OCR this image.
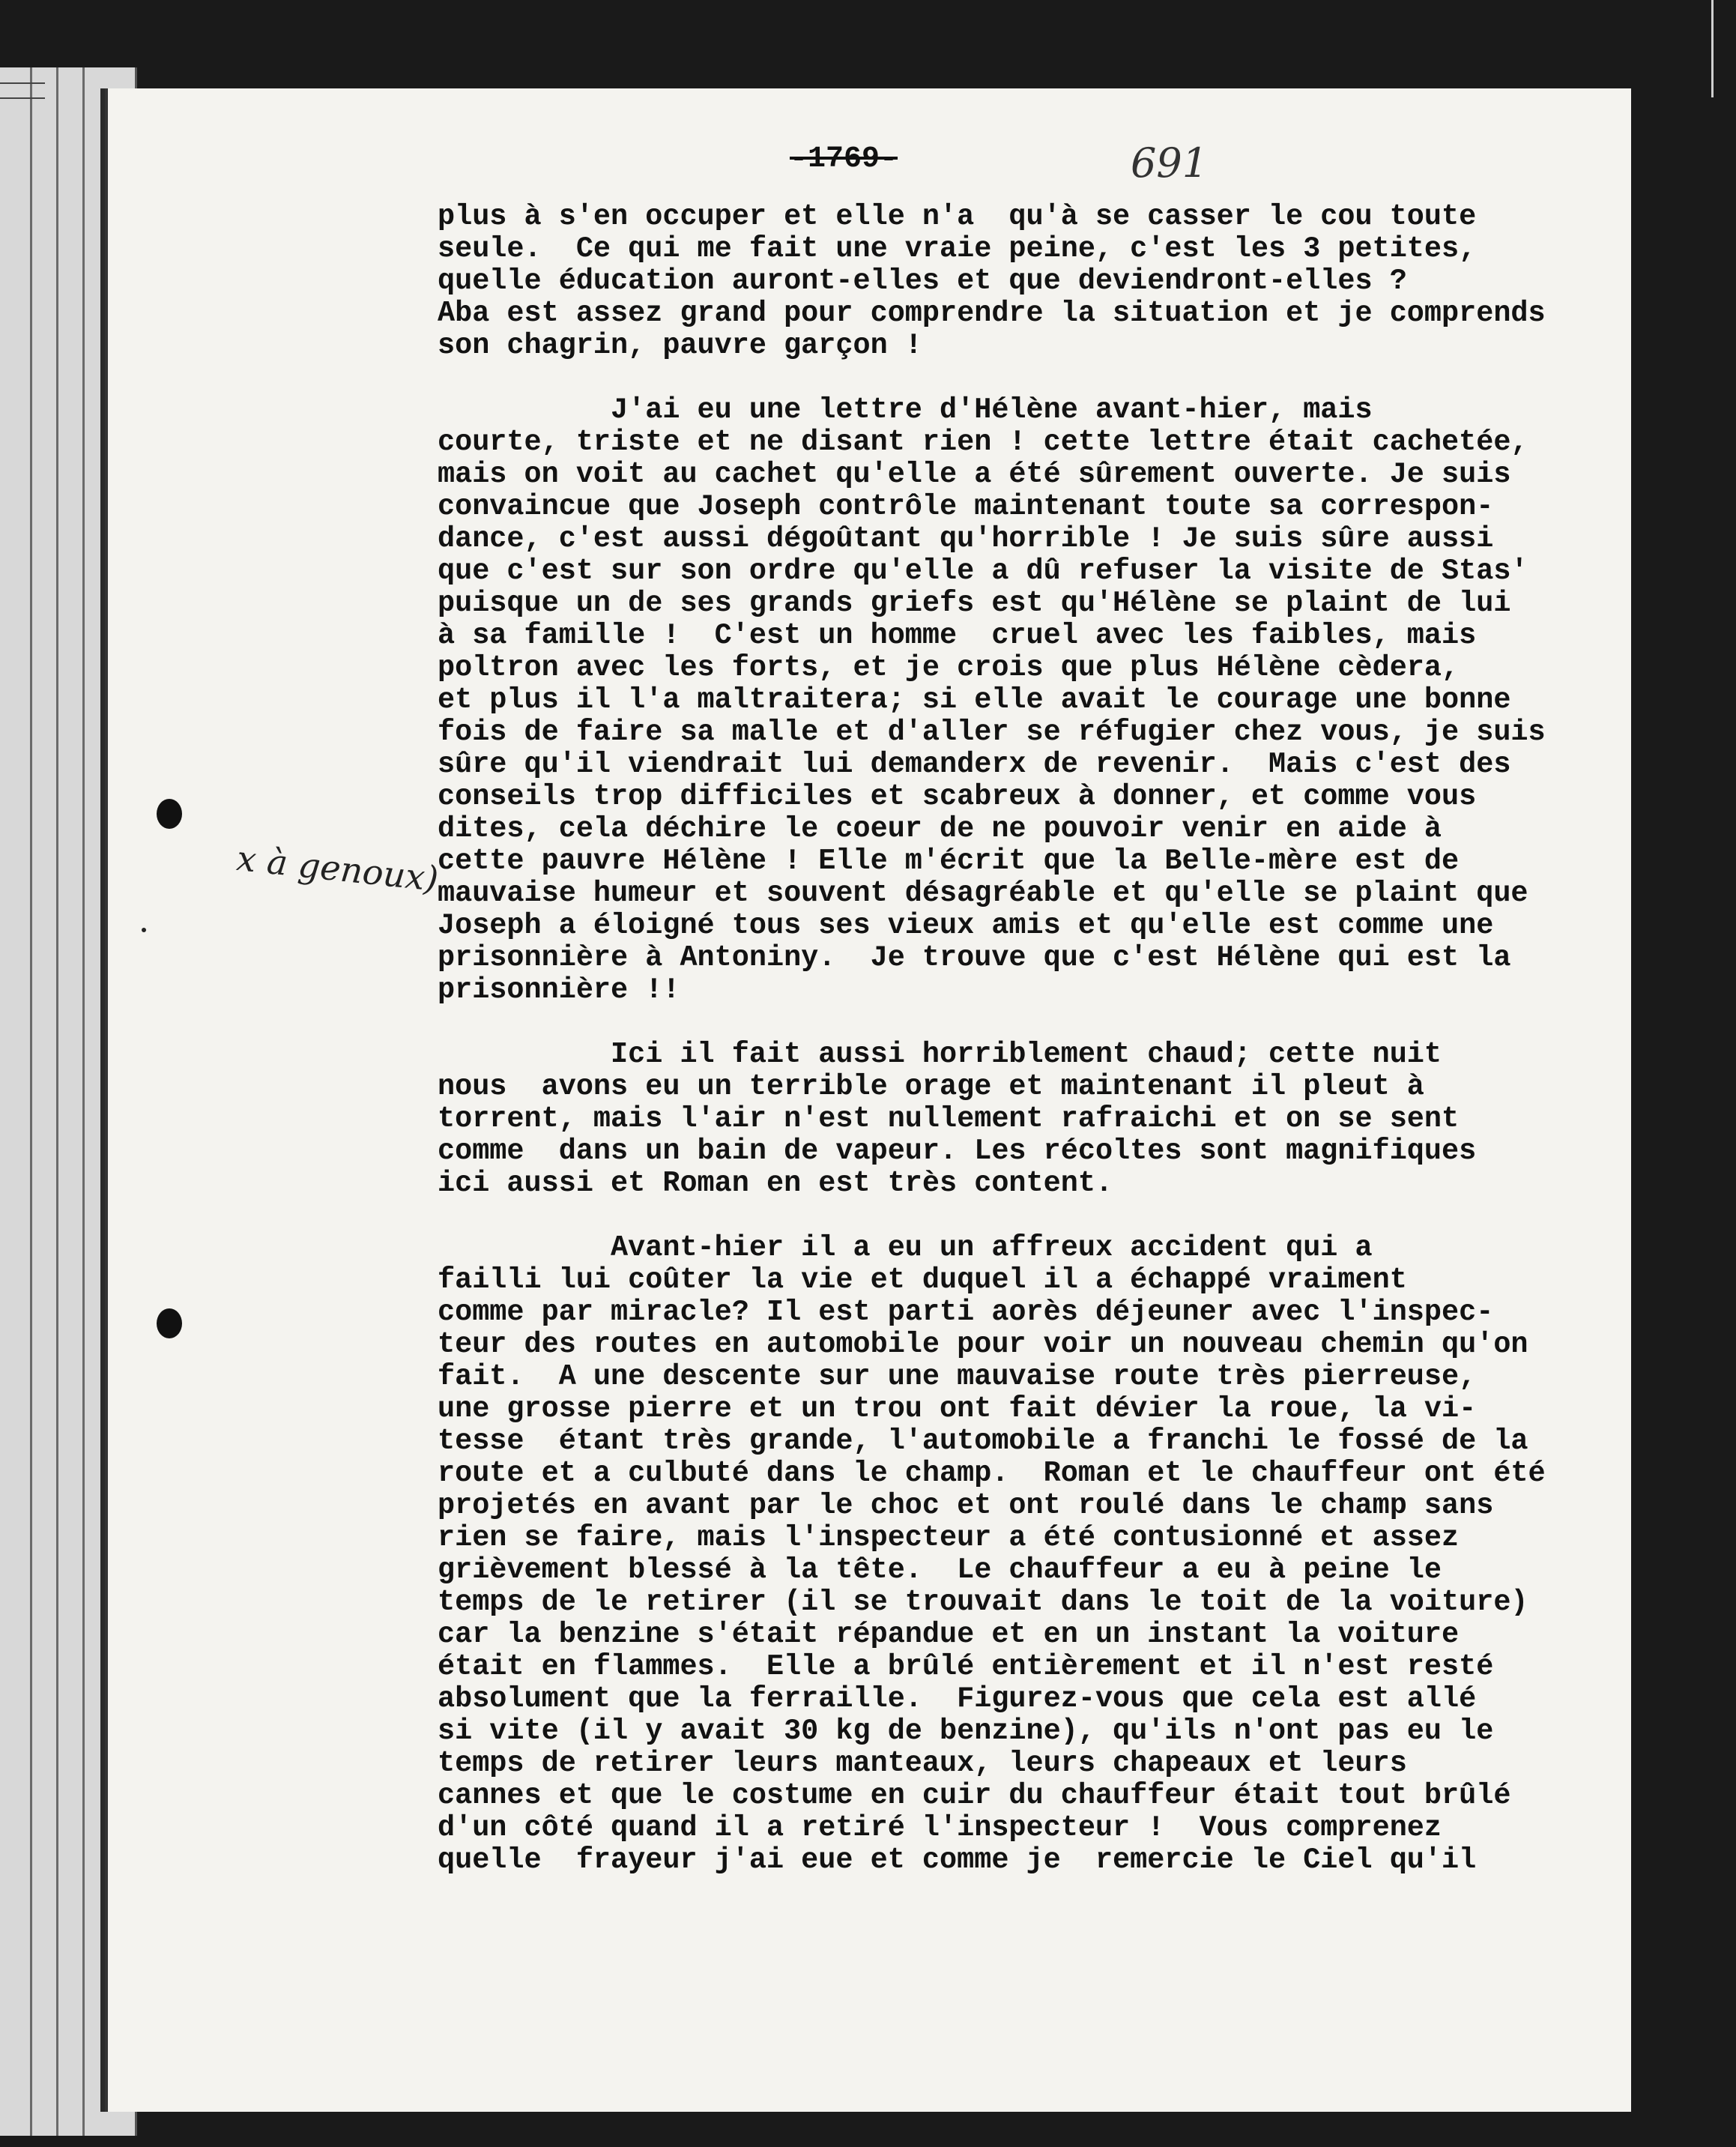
-1769-	691
x à genoux)
plus à s'en occuper et elle n'a  qu'à se casser le cou toute
seule.  Ce qui me fait une vraie peine, c'est les 3 petites,
quelle éducation auront-elles et que deviendront-elles ?
Aba est assez grand pour comprendre la situation et je comprends
son chagrin, pauvre garçon !
J'ai eu une lettre d'Hélène avant-hier, mais
courte, triste et ne disant rien ! cette lettre était cachetée,
mais on voit au cachet qu'elle a été sûrement ouverte. Je suis
convaincue que Joseph contrôle maintenant toute sa correspon-
dance, c'est aussi dégoûtant qu'horrible ! Je suis sûre aussi
que c'est sur son ordre qu'elle a dû refuser la visite de Stas'
puisque un de ses grands griefs est qu'Hélène se plaint de lui
à sa famille !  C'est un homme  cruel avec les faibles, mais
poltron avec les forts, et je crois que plus Hélène cèdera,
et plus il l'a maltraitera; si elle avait le courage une bonne
fois de faire sa malle et d'aller se réfugier chez vous, je suis
sûre qu'il viendrait lui demanderx de revenir.  Mais c'est des
conseils trop difficiles et scabreux à donner, et comme vous
dites, cela déchire le coeur de ne pouvoir venir en aide à
cette pauvre Hélène ! Elle m'écrit que la Belle-mère est de
mauvaise humeur et souvent désagréable et qu'elle se plaint que
Joseph a éloigné tous ses vieux amis et qu'elle est comme une
prisonnière à Antoniny.  Je trouve que c'est Hélène qui est la
prisonnière !!
Ici il fait aussi horriblement chaud; cette nuit
nous  avons eu un terrible orage et maintenant il pleut à
torrent, mais l'air n'est nullement rafraichi et on se sent
comme  dans un bain de vapeur. Les récoltes sont magnifiques
ici aussi et Roman en est très content.
Avant-hier il a eu un affreux accident qui a
failli lui coûter la vie et duquel il a échappé vraiment
comme par miracle? Il est parti aorès déjeuner avec l'inspec-
teur des routes en automobile pour voir un nouveau chemin qu'on
fait.  A une descente sur une mauvaise route très pierreuse,
une grosse pierre et un trou ont fait dévier la roue, la vi-
tesse  étant très grande, l'automobile a franchi le fossé de la
route et a culbuté dans le champ.  Roman et le chauffeur ont été
projetés en avant par le choc et ont roulé dans le champ sans
rien se faire, mais l'inspecteur a été contusionné et assez
grièvement blessé à la tête.  Le chauffeur a eu à peine le
temps de le retirer (il se trouvait dans le toit de la voiture)
car la benzine s'était répandue et en un instant la voiture
était en flammes.  Elle a brûlé entièrement et il n'est resté
absolument que la ferraille.  Figurez-vous que cela est allé
si vite (il y avait 30 kg de benzine), qu'ils n'ont pas eu le
temps de retirer leurs manteaux, leurs chapeaux et leurs
cannes et que le costume en cuir du chauffeur était tout brûlé
d'un côté quand il a retiré l'inspecteur !  Vous comprenez
quelle  frayeur j'ai eue et comme je  remercie le Ciel qu'il
